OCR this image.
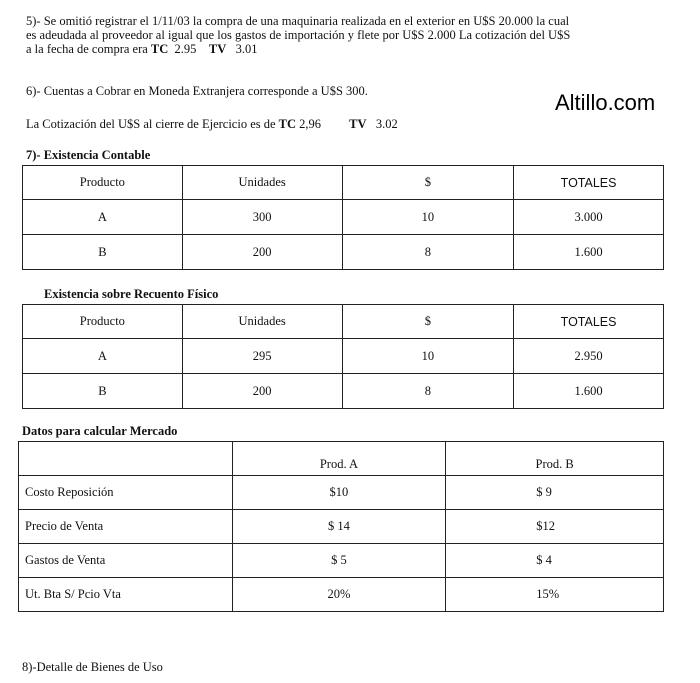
5)- Se omitió registrar el 1/11/03 la compra de una maquinaria realizada en el exterior en U$S 20.000 la cual
es adeudada al proveedor al igual que los gastos de importación y flete por U$S 2.000 La cotización del U$S
a la fecha de compra era TC 2.95 TV 3.01

6)- Cuentas a Cobrar en Moneda Extranjera corresponde a U$S 300.	Altillo.com

La Cotización del U$S al cierre de Ejercicio es de TC 2,96 TV 3.02

7)- Existencia Contable

Producto	Unidades	$	TOTALES
A	300	10	3.000
B	200	8	1.600

Existencia sobre Recuento Físico

Producto	Unidades	$	TOTALES
A	295	10	2.950
B	200	8	1.600

Datos para calcular Mercado

	Prod. A	Prod. B
Costo Reposición	$10	$ 9
Precio de Venta	$ 14	$12
Gastos de Venta	$ 5	$ 4
Ut. Bta S/ Pcio Vta	20%	15%

8)-Detalle de Bienes de Uso
